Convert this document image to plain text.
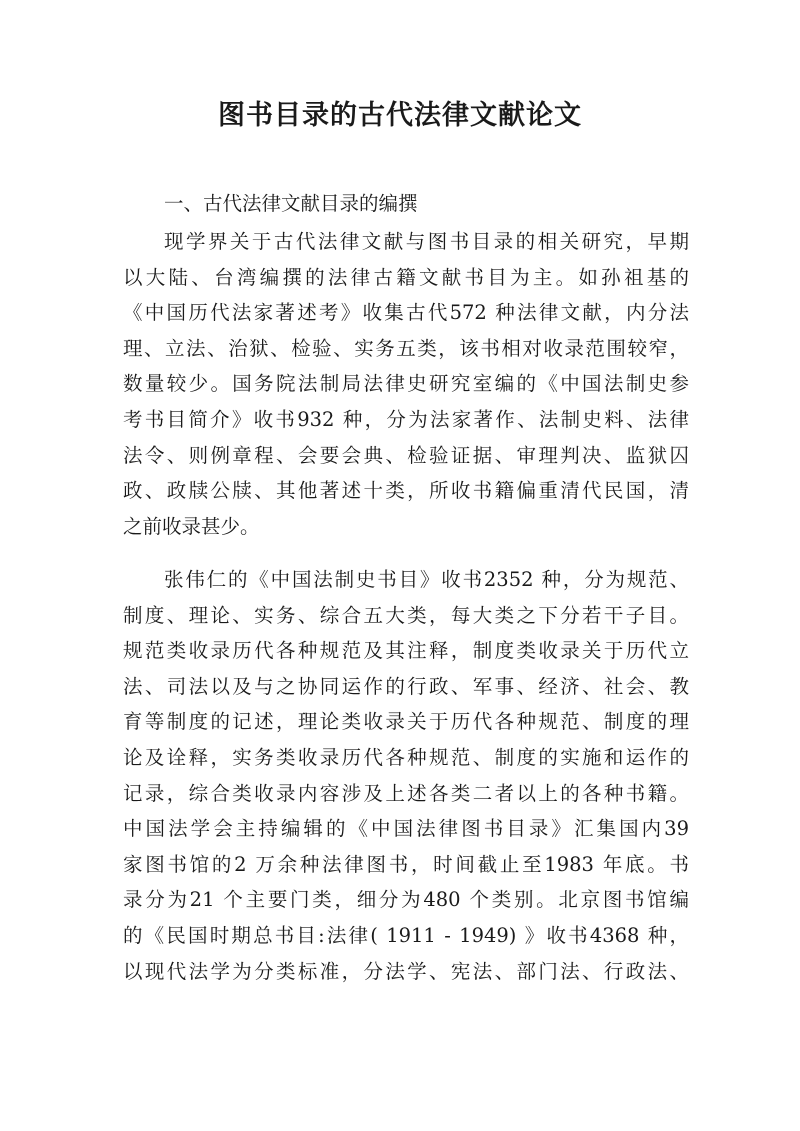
图书目录的古代法律文献论文

一、古代法律文献目录的编撰

现学界关于古代法律文献与图书目录的相关研究，早期
以大陆、台湾编撰的法律古籍文献书目为主。如孙祖基的
《中国历代法家著述考》收集古代572 种法律文献，内分法
理、立法、治狱、检验、实务五类，该书相对收录范围较窄，
数量较少。国务院法制局法律史研究室编的《中国法制史参
考书目简介》收书932 种，分为法家著作、法制史料、法律
法令、则例章程、会要会典、检验证据、审理判决、监狱囚
政、政牍公牍、其他著述十类，所收书籍偏重清代民国，清
之前收录甚少。
张伟仁的《中国法制史书目》收书2352 种，分为规范、
制度、理论、实务、综合五大类，每大类之下分若干子目。
规范类收录历代各种规范及其注释，制度类收录关于历代立
法、司法以及与之协同运作的行政、军事、经济、社会、教
育等制度的记述，理论类收录关于历代各种规范、制度的理
论及诠释，实务类收录历代各种规范、制度的实施和运作的
记录，综合类收录内容涉及上述各类二者以上的各种书籍。
中国法学会主持编辑的《中国法律图书目录》汇集国内39
家图书馆的2 万余种法律图书，时间截止至1983 年底。书
录分为21 个主要门类，细分为480 个类别。北京图书馆编
的《民国时期总书目:法律( 1911 - 1949) 》收书4368 种，
以现代法学为分类标准，分法学、宪法、部门法、行政法、
